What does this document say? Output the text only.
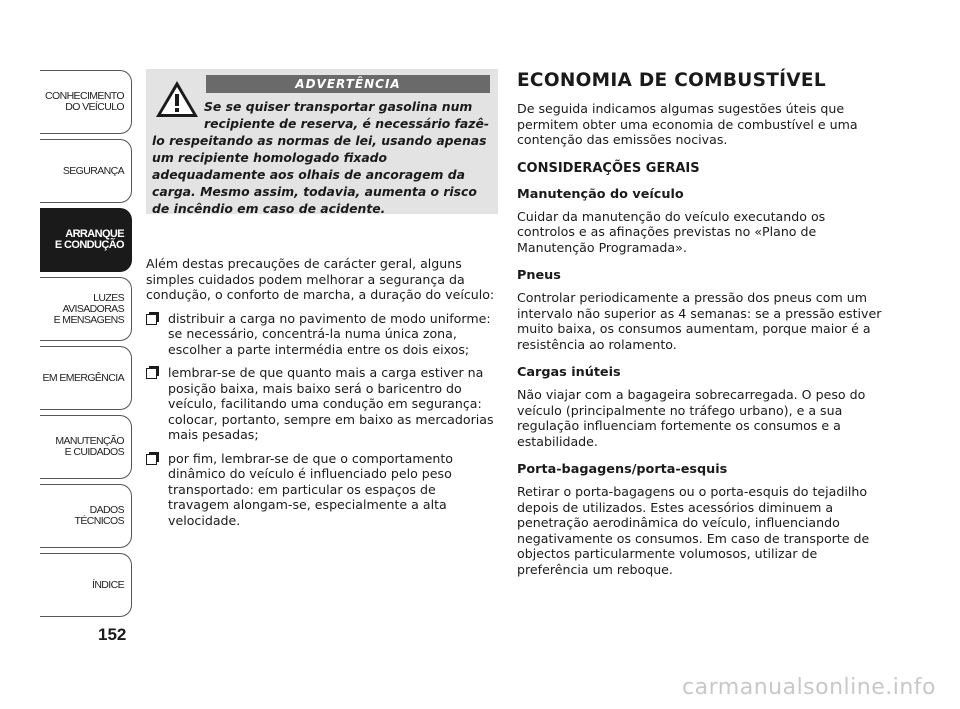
CONHECIMENTO
DO VEÍCULO
SEGURANÇA
ARRANQUE
E CONDUÇÃO
LUZES
AVISADORAS
E MENSAGENS
EM EMERGÊNCIA
MANUTENÇÃO
E CUIDADOS
DADOS
TÉCNICOS
ÍNDICE
152
ADVERTÊNCIA
Se se quiser transportar gasolina num recipiente de reserva, é necessário fazê-lo respeitando as normas de lei, usando apenas um recipiente homologado fixado adequadamente aos olhais de ancoragem da carga. Mesmo assim, todavia, aumenta o risco de incêndio em caso de acidente.

Além destas precauções de carácter geral, alguns simples cuidados podem melhorar a segurança da condução, o conforto de marcha, a duração do veículo:

distribuir a carga no pavimento de modo uniforme: se necessário, concentrá-la numa única zona, escolher a parte intermédia entre os dois eixos;
lembrar-se de que quanto mais a carga estiver na posição baixa, mais baixo será o baricentro do veículo, facilitando uma condução em segurança: colocar, portanto, sempre em baixo as mercadorias mais pesadas;
por fim, lembrar-se de que o comportamento dinâmico do veículo é influenciado pelo peso transportado: em particular os espaços de travagem alongam-se, especialmente a alta velocidade.
ECONOMIA DE COMBUSTÍVEL
De seguida indicamos algumas sugestões úteis que permitem obter uma economia de combustível e uma contenção das emissões nocivas.
CONSIDERAÇÕES GERAIS
Manutenção do veículo
Cuidar da manutenção do veículo executando os controlos e as afinações previstas no «Plano de Manutenção Programada».
Pneus
Controlar periodicamente a pressão dos pneus com um intervalo não superior as 4 semanas: se a pressão estiver muito baixa, os consumos aumentam, porque maior é a resistência ao rolamento.
Cargas inúteis
Não viajar com a bagageira sobrecarregada. O peso do veículo (principalmente no tráfego urbano), e a sua regulação influenciam fortemente os consumos e a estabilidade.
Porta-bagagens/porta-esquis
Retirar o porta-bagagens ou o porta-esquis do tejadilho depois de utilizados. Estes acessórios diminuem a penetração aerodinâmica do veículo, influenciando negativamente os consumos. Em caso de transporte de objectos particularmente volumosos, utilizar de preferência um reboque.
carmanualsonline.info
